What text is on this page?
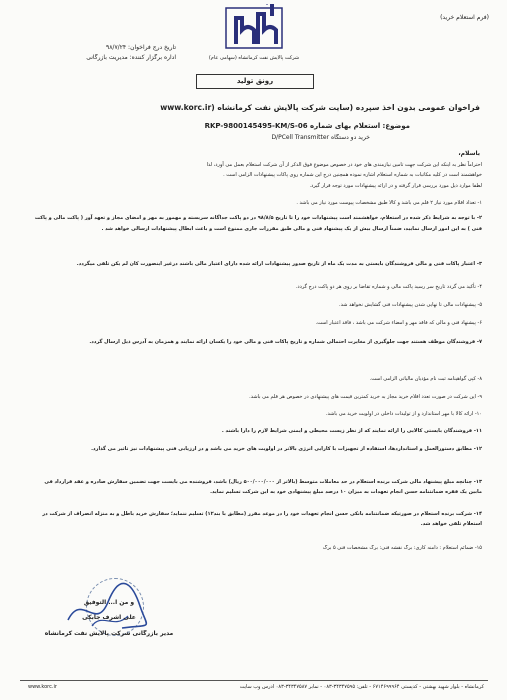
(فرم استعلام خرید)
تاریخ درج فراخوان: ۹۸/۷/۲۴
اداره برگزار کننده: مدیریت بازرگانی	شرکت پالایش نفت کرمانشاه (سهامی عام)
رونق تولید
فراخوان عمومی بدون اخذ سپرده (سایت شرکت پالایش نفت کرمانشاه (www.korc.ir
موضوع: استعلام بهای شماره RKP-9800145495-KM/S-06
خرید دو دستگاه D/PCell Transmitter
باسلام،
احتراماً نظر به اینکه این شرکت جهت تامین نیازمندی های خود در خصوص موضوع فوق الذکر از آن شرکت استعلام بعمل می آورد، لذا
خواهشمند است در کلیه مکاتبات به شماره استعلام اشاره نموده همچنین درج این شماره روی پاکات پیشنهادات الزامی است .
لطفا موارد ذیل مورد بررسی قرار گرفته و در ارائه پیشنهادات مورد توجه قرار گیرد.
۱- تعداد اقلام مورد نیاز ۲ قلم می باشد و کالا طبق مشخصات پیوست مورد نیاز می باشد .
۲- با توجه به شرایط ذکر شده در استعلام، خواهشمند است پیشنهادات خود را تا تاریخ ۹۸/۸/۵ در دو پاکت جداگانه سربسته و مهمور به مهر و امضای مجاز و تعهد آور ( پاکت مالی و پاکت فنی ) به این امور ارسال نمایید، ضمناً ارسال بیش از یک پیشنهاد فنی و مالی طبق مقررات جاری ممنوع است و باعث ابطال پیشنهادات ارسالی خواهد شد .
۳- اعتبار پاکات فنی و مالی فروشندگان بایستی به مدت یک ماه از تاریخ صدور پیشنهادات ارائه شده دارای اعتبار مالی باشند درغیر اینصورت کان لم یکن تلقی میگردد.
۴- تأکید می گردد تاریخ سر رسید پاکت مالی و شماره تقاضا بر روی هر دو پاکت درج گردد.
۵- پیشنهادات مالی تا نهایی شدن پیشنهادات فنی گشایش نخواهد شد.
۶- پیشنهاد فنی و مالی که فاقد مهر و امضاء شرکت می باشد ، فاقد اعتبار است.
۷- فروشندگان موظف هستند جهت جلوگیری از مغایرت احتمالی شماره و تاریخ پاکات فنی و مالی خود را یکسان ارائه نمایند و همزمان به آدرس ذیل ارسال گردد.
۸- کپی گواهینامه ثبت نام مؤدیان مالیاتی الزامی است.
۹- این شرکت در صورت تعدد اقلام خرید مجاز به خرید کمترین قیمت های پیشنهادی در خصوص هر قلم می باشد.
۱۰- ارائه کالا با مهر استاندارد و از تولیدات داخلی در اولویت خرید می باشد.
۱۱- فروشندگان بایستی کالایی را ارائه نمایند که از نظر زیست محیطی و ایمنی شرایط لازم را دارا باشند .
۱۲- مطابق دستورالعمل و استانداردها، استفاده از تجهیزات با کارایی انرژی بالاتر در اولویت های خرید می باشد و در ارزیابی فنی پیشنهادات نیز تاثیر می گذارد.
۱۳- چنانچه مبلغ پیشنهاد مالی شرکت برنده استعلام در حد معاملات متوسط (بالاتر از ۵۰۰/۰۰۰/۰۰۰ ریال) باشد، فروشنده می بایست جهت تضمین سفارش صادره و عقد قرارداد فی مابین یک فقره ضمانتنامه حسن انجام تعهدات به میزان ۱۰ درصد مبلغ پیشنهادی خود به این شرکت تسلیم نماید.
۱۴- شرکت برنده استعلام در صورتیکه ضمانتنامه بانکی حسن انجام تعهدات خود را در موعد مقرر (مطابق با بند۱۲) تسلیم ننماید؛ سفارش خرید باطل و به منزله انصراف از شرکت در استعلام تلقی خواهد شد.
۱۵- ضمائم استعلام : دامنه کاری: برگ نقشه فنی: برگ مشخصات فنی ۵ برگ
و من ا... التوفیق
علی اشرف جابکی
مدیر بازرگانی شرکت پالایش نفت کرمانشاه
www.korc.ir	کرمانشاه - بلوار شهید بهشتی - کدپستی ۶۷۱۴۶۹۹۹۶۴ - تلفن: ۳۴۳۴۷۵۹۵-۰۸۳ - نمابر ۳۴۳۴۷۵۸۷-۰۸۳ آدرس وب سایت
